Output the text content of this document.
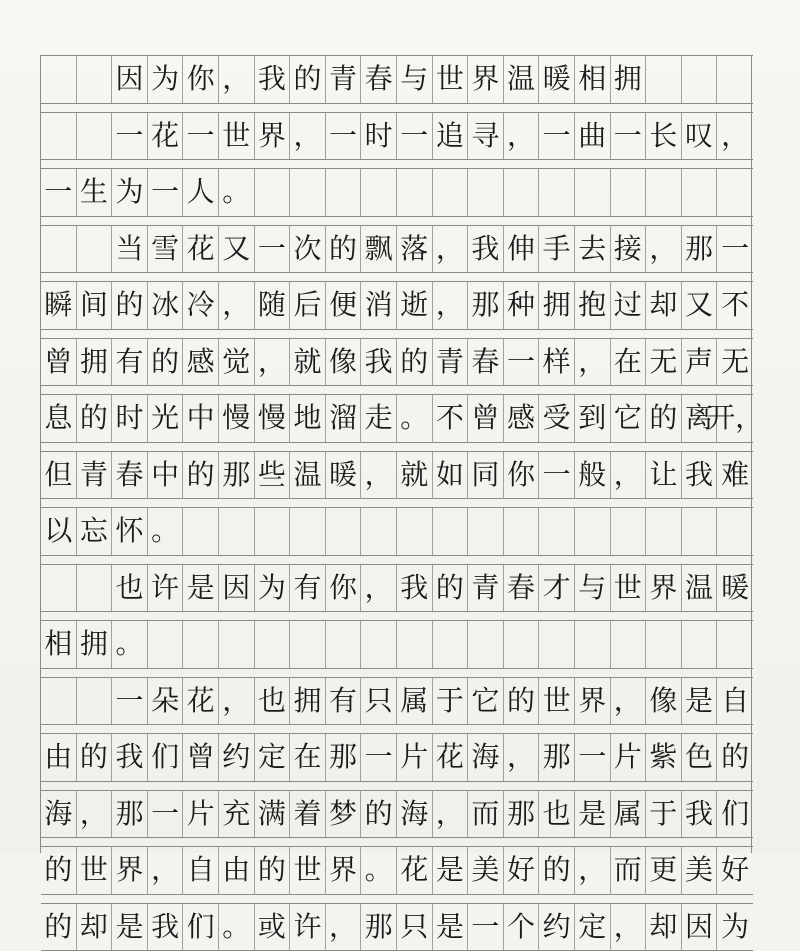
因 为 你 ， 我 的 青 春 与 世 界 温 暖 相 拥
一 花 一 世 界 ， 一 时 一 追 寻 ， 一 曲 一 长 叹 ，
一 生 为 一 人 。
当 雪 花 又 一 次 的 飘 落 ， 我 伸 手 去 接 ， 那 一
瞬 间 的 冰 冷 ， 随 后 便 消 逝 ， 那 种 拥 抱 过 却 又 不
曾 拥 有 的 感 觉 ， 就 像 我 的 青 春 一 样 ， 在 无 声 无
息 的 时 光 中 慢 慢 地 溜 走 。 不 曾 感 受 到 它 的 离
开，
但 青 春 中 的 那 些 温 暖 ， 就 如 同 你 一 般 ， 让 我 难
以 忘 怀 。
也 许 是 因 为 有 你 ， 我 的 青 春 才 与 世 界 温 暖
相 拥 。
一 朵 花 ， 也 拥 有 只 属 于 它 的 世 界 ， 像 是 自
由 的 我 们 曾 约 定 在 那 一 片 花 海 ， 那 一 片 紫 色 的
海 ， 那 一 片 充 满 着 梦 的 海 ， 而 那 也 是 属 于 我 们
的 世 界 ， 自 由 的 世 界 。 花 是 美 好 的 ， 而 更 美 好
的 却 是 我 们 。 或 许 ， 那 只 是 一 个 约 定 ， 却 因 为
